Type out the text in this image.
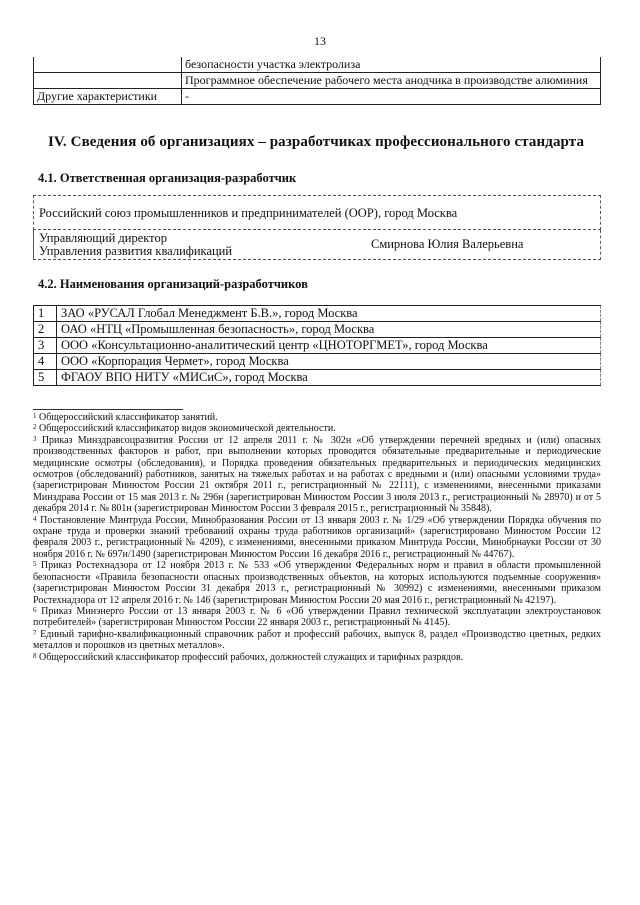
13
	безопасности участка электролиза
	Программное обеспечение рабочего места анодчика в производстве алюминия
Другие характеристики	-
IV. Сведения об организациях – разработчиках профессионального стандарта
4.1. Ответственная организация-разработчик
Российский союз промышленников и предпринимателей (ООР), город Москва
Управляющий директор
Управления развития квалификаций	Смирнова Юлия Валерьевна
4.2. Наименования организаций-разработчиков
1	ЗАО «РУСАЛ Глобал Менеджмент Б.В.», город Москва
2	ОАО «НТЦ «Промышленная безопасность», город Москва
3	ООО «Консультационно-аналитический центр «ЦНОТОРГМЕТ», город Москва
4	ООО «Корпорация Чермет», город Москва
5	ФГАОУ ВПО НИТУ «МИСиС», город Москва

$^1$ Общероссийский классификатор занятий.

$^2$ Общероссийский классификатор видов экономической деятельности.

$^3$ Приказ Минздравсоцразвития России от 12 апреля 2011 г. № 302н «Об утверждении перечней вредных и (или) опасных производственных факторов и работ, при выполнении которых проводятся обязательные предварительные и периодические медицинские осмотры (обследования), и Порядка проведения обязательных предварительных и периодических медицинских осмотров (обследований) работников, занятых на тяжелых работах и на работах с вредными и (или) опасными условиями труда» (зарегистрирован Минюстом России 21 октября 2011 г., регистрационный № 22111), с изменениями, внесенными приказами Минздрава России от 15 мая 2013 г. № 296н (зарегистрирован Минюстом России 3 июля 2013 г., регистрационный № 28970) и от 5 декабря 2014 г. № 801н (зарегистрирован Минюстом России 3 февраля 2015 г., регистрационный № 35848).

$^4$ Постановление Минтруда России, Минобразования России от 13 января 2003 г. № 1/29 «Об утверждении Порядка обучения по охране труда и проверки знаний требований охраны труда работников организаций» (зарегистрировано Минюстом России 12 февраля 2003 г., регистрационный № 4209), с изменениями, внесенными приказом Минтруда России, Минобрнауки России от 30 ноября 2016 г. № 697н/1490 (зарегистрирован Минюстом России 16 декабря 2016 г., регистрационный № 44767).

$^5$ Приказ Ростехнадзора от 12 ноября 2013 г. № 533 «Об утверждении Федеральных норм и правил в области промышленной безопасности «Правила безопасности опасных производственных объектов, на которых используются подъемные сооружения» (зарегистрирован Минюстом России 31 декабря 2013 г., регистрационный № 30992) с изменениями, внесенными приказом Ростехнадзора от 12 апреля 2016 г. № 146 (зарегистрирован Минюстом России 20 мая 2016 г., регистрационный № 42197).

$^6$ Приказ Минэнерго России от 13 января 2003 г. № 6 «Об утверждении Правил технической эксплуатации электроустановок потребителей» (зарегистрирован Минюстом России 22 января 2003 г., регистрационный № 4145).

$^7$ Единый тарифно-квалификационный справочник работ и профессий рабочих, выпуск 8, раздел «Производство цветных, редких металлов и порошков из цветных металлов».

$^8$ Общероссийский классификатор профессий рабочих, должностей служащих и тарифных разрядов.
